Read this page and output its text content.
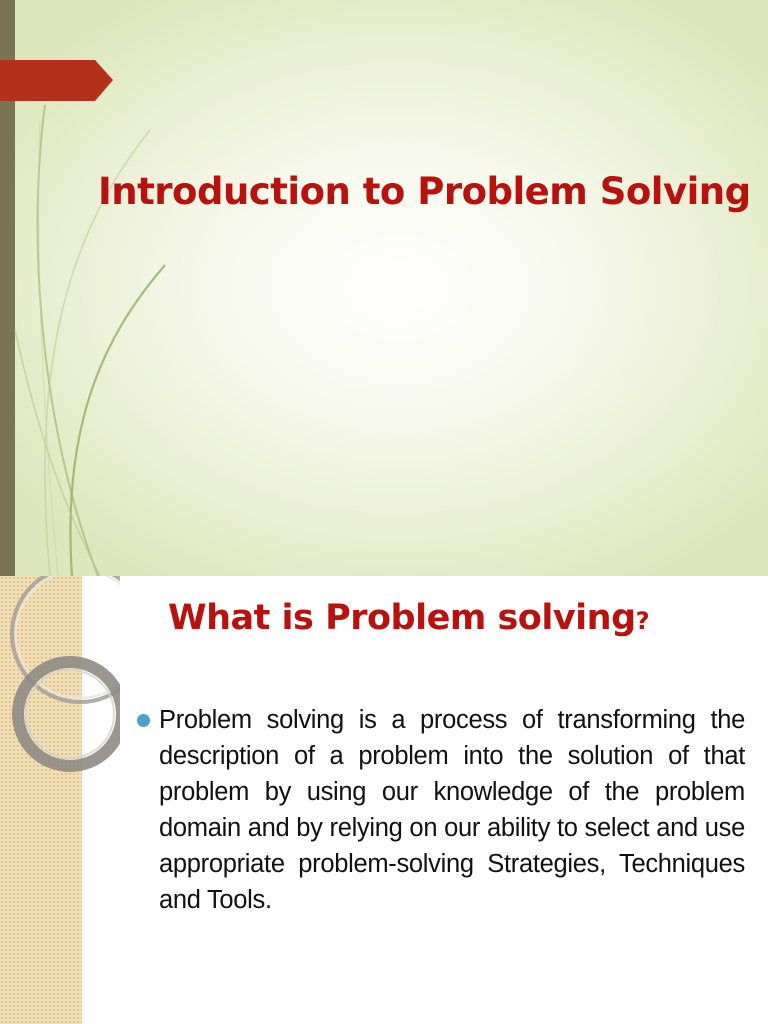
Introduction to Problem Solving
What is Problem solving?

Problem solving is a process of transforming the description of a problem into the solution of that problem by using our knowledge of the problem domain and by relying on our ability to select and use appropriate problem-solving Strategies, Techniques and Tools.
